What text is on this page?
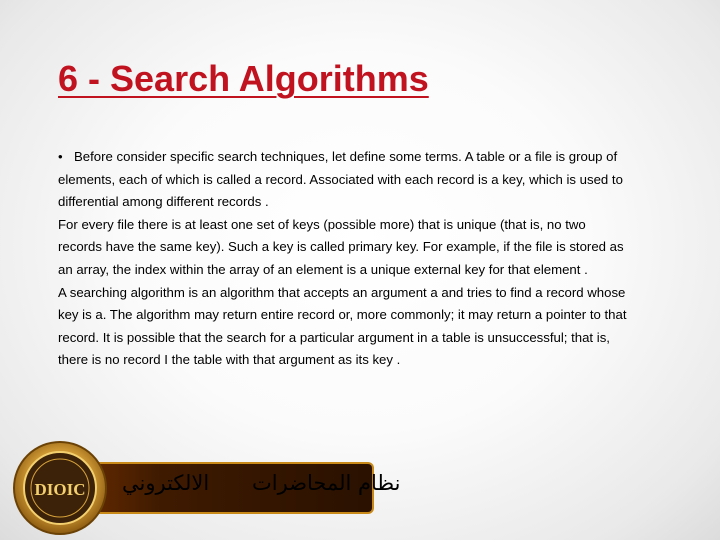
6 - Search Algorithms

• Before consider specific search techniques, let define some terms. A table or a file is group of elements, each of which is called a record. Associated with each record is a key, which is used to differential among different records .

For every file there is at least one set of keys (possible more) that is unique (that is, no two records have the same key). Such a key is called primary key. For example, if the file is stored as an array, the index within the array of an element is a unique external key for that element .

A searching algorithm is an algorithm that accepts an argument a and tries to find a record whose key is a. The algorithm may return entire record or, more commonly; it may return a pointer to that record. It is possible that the search for a particular argument in a table is unsuccessful; that is, there is no record I the table with that argument as its key .

نظام المحاضرات
الالكتروني
DIOIC
